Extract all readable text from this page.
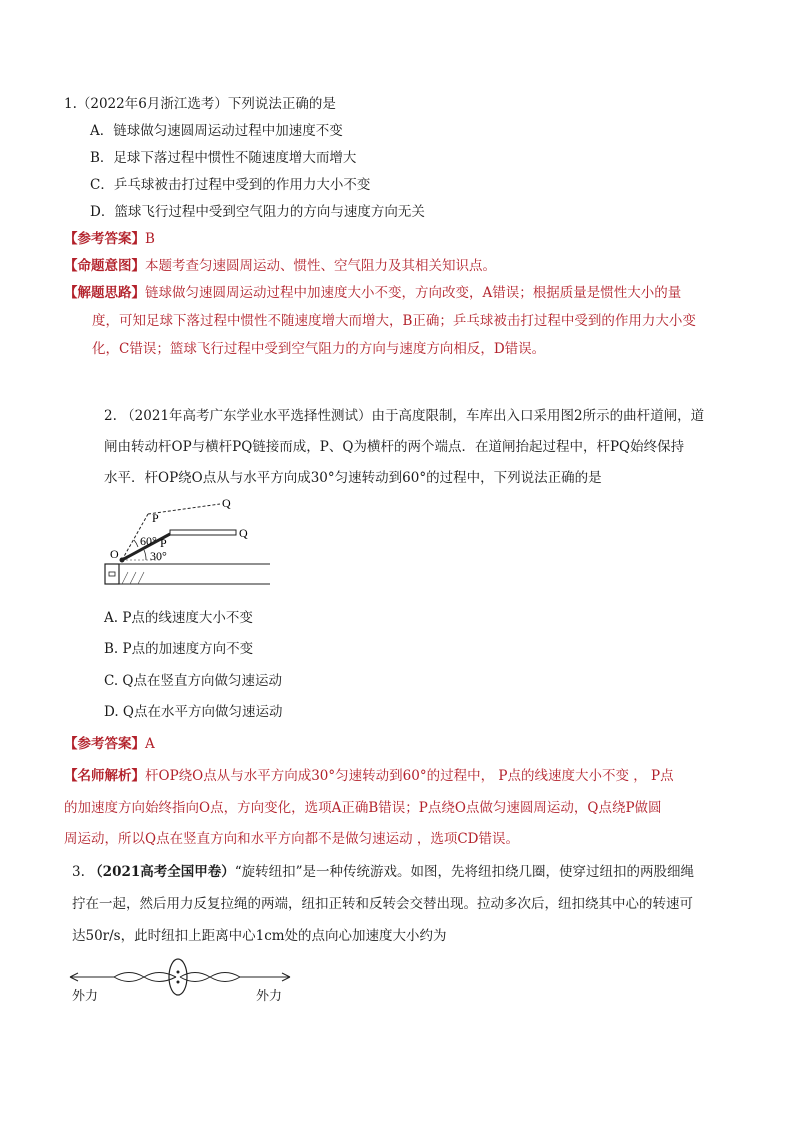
1.（2022年6月浙江选考）下列说法正确的是
A．链球做匀速圆周运动过程中加速度不变
B．足球下落过程中惯性不随速度增大而增大
C．乒乓球被击打过程中受到的作用力大小不变
D．篮球飞行过程中受到空气阻力的方向与速度方向无关
【参考答案】B
【命题意图】本题考查匀速圆周运动、惯性、空气阻力及其相关知识点。
【解题思路】链球做匀速圆周运动过程中加速度大小不变，方向改变，A错误；根据质量是惯性大小的量
度，可知足球下落过程中惯性不随速度增大而增大，B正确；乒乓球被击打过程中受到的作用力大小变
化，C错误；篮球飞行过程中受到空气阻力的方向与速度方向相反，D错误。
2. （2021年高考广东学业水平选择性测试）由于高度限制，车库出入口采用图2所示的曲杆道闸，道
闸由转动杆OP与横杆PQ链接而成，P、Q为横杆的两个端点．在道闸抬起过程中，杆PQ始终保持
水平．杆OP绕O点从与水平方向成30°匀速转动到60°的过程中，下列说法正确的是
O
P
P
Q
Q
60°
30°
A. P点的线速度大小不变
B. P点的加速度方向不变
C. Q点在竖直方向做匀速运动
D. Q点在水平方向做匀速运动
【参考答案】A
【名师解析】杆OP绕O点从与水平方向成30°匀速转动到60°的过程中， P点的线速度大小不变 ， P点
的加速度方向始终指向O点，方向变化，选项A正确B错误；P点绕O点做匀速圆周运动，Q点绕P做圆
周运动，所以Q点在竖直方向和水平方向都不是做匀速运动 ，选项CD错误。
3. （2021高考全国甲卷）“旋转纽扣”是一种传统游戏。如图，先将纽扣绕几圈，使穿过纽扣的两股细绳
拧在一起，然后用力反复拉绳的两端，纽扣正转和反转会交替出现。拉动多次后，纽扣绕其中心的转速可
达50r/s，此时纽扣上距离中心1cm处的点向心加速度大小约为
外力	外力
